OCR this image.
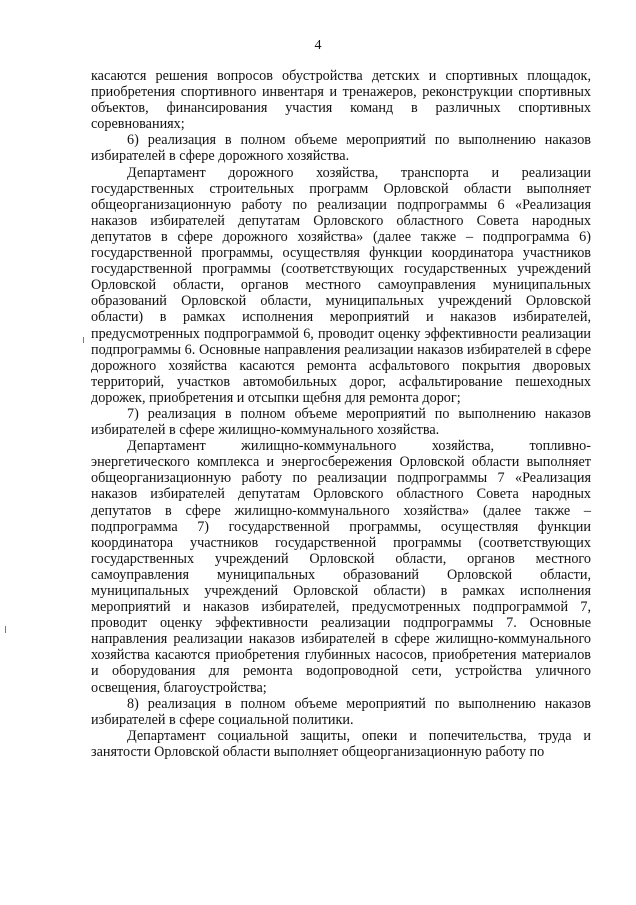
4

касаются решения вопросов обустройства детских и спортивных площадок, приобретения спортивного инвентаря и тренажеров, реконструкции спортивных объектов, финансирования участия команд в различных спортивных соревнованиях;

6) реализация в полном объеме мероприятий по выполнению наказов избирателей в сфере дорожного хозяйства.

Департамент дорожного хозяйства, транспорта и реализации государственных строительных программ Орловской области выполняет общеорганизационную работу по реализации подпрограммы 6 «Реализация наказов избирателей депутатам Орловского областного Совета народных депутатов в сфере дорожного хозяйства» (далее также – подпрограмма 6) государственной программы, осуществляя функции координатора участников государственной программы (соответствующих государственных учреждений Орловской области, органов местного самоуправления муниципальных образований Орловской области, муниципальных учреждений Орловской области) в рамках исполнения мероприятий и наказов избирателей, предусмотренных подпрограммой 6, проводит оценку эффективности реализации подпрограммы 6. Основные направления реализации наказов избирателей в сфере дорожного хозяйства касаются ремонта асфальтового покрытия дворовых территорий, участков автомобильных дорог, асфальтирование пешеходных дорожек, приобретения и отсыпки щебня для ремонта дорог;

7) реализация в полном объеме мероприятий по выполнению наказов избирателей в сфере жилищно-коммунального хозяйства.

Департамент жилищно-коммунального хозяйства, топливно-энергетического комплекса и энергосбережения Орловской области выполняет общеорганизационную работу по реализации подпрограммы 7 «Реализация наказов избирателей депутатам Орловского областного Совета народных депутатов в сфере жилищно-коммунального хозяйства» (далее также – подпрограмма 7) государственной программы, осуществляя функции координатора участников государственной программы (соответствующих государственных учреждений Орловской области, органов местного самоуправления муниципальных образований Орловской области, муниципальных учреждений Орловской области) в рамках исполнения мероприятий и наказов избирателей, предусмотренных подпрограммой 7, проводит оценку эффективности реализации подпрограммы 7. Основные направления реализации наказов избирателей в сфере жилищно-коммунального хозяйства касаются приобретения глубинных насосов, приобретения материалов и оборудования для ремонта водопроводной сети, устройства уличного освещения, благоустройства;

8) реализация в полном объеме мероприятий по выполнению наказов избирателей в сфере социальной политики.

Департамент социальной защиты, опеки и попечительства, труда и занятости Орловской области выполняет общеорганизационную работу по
